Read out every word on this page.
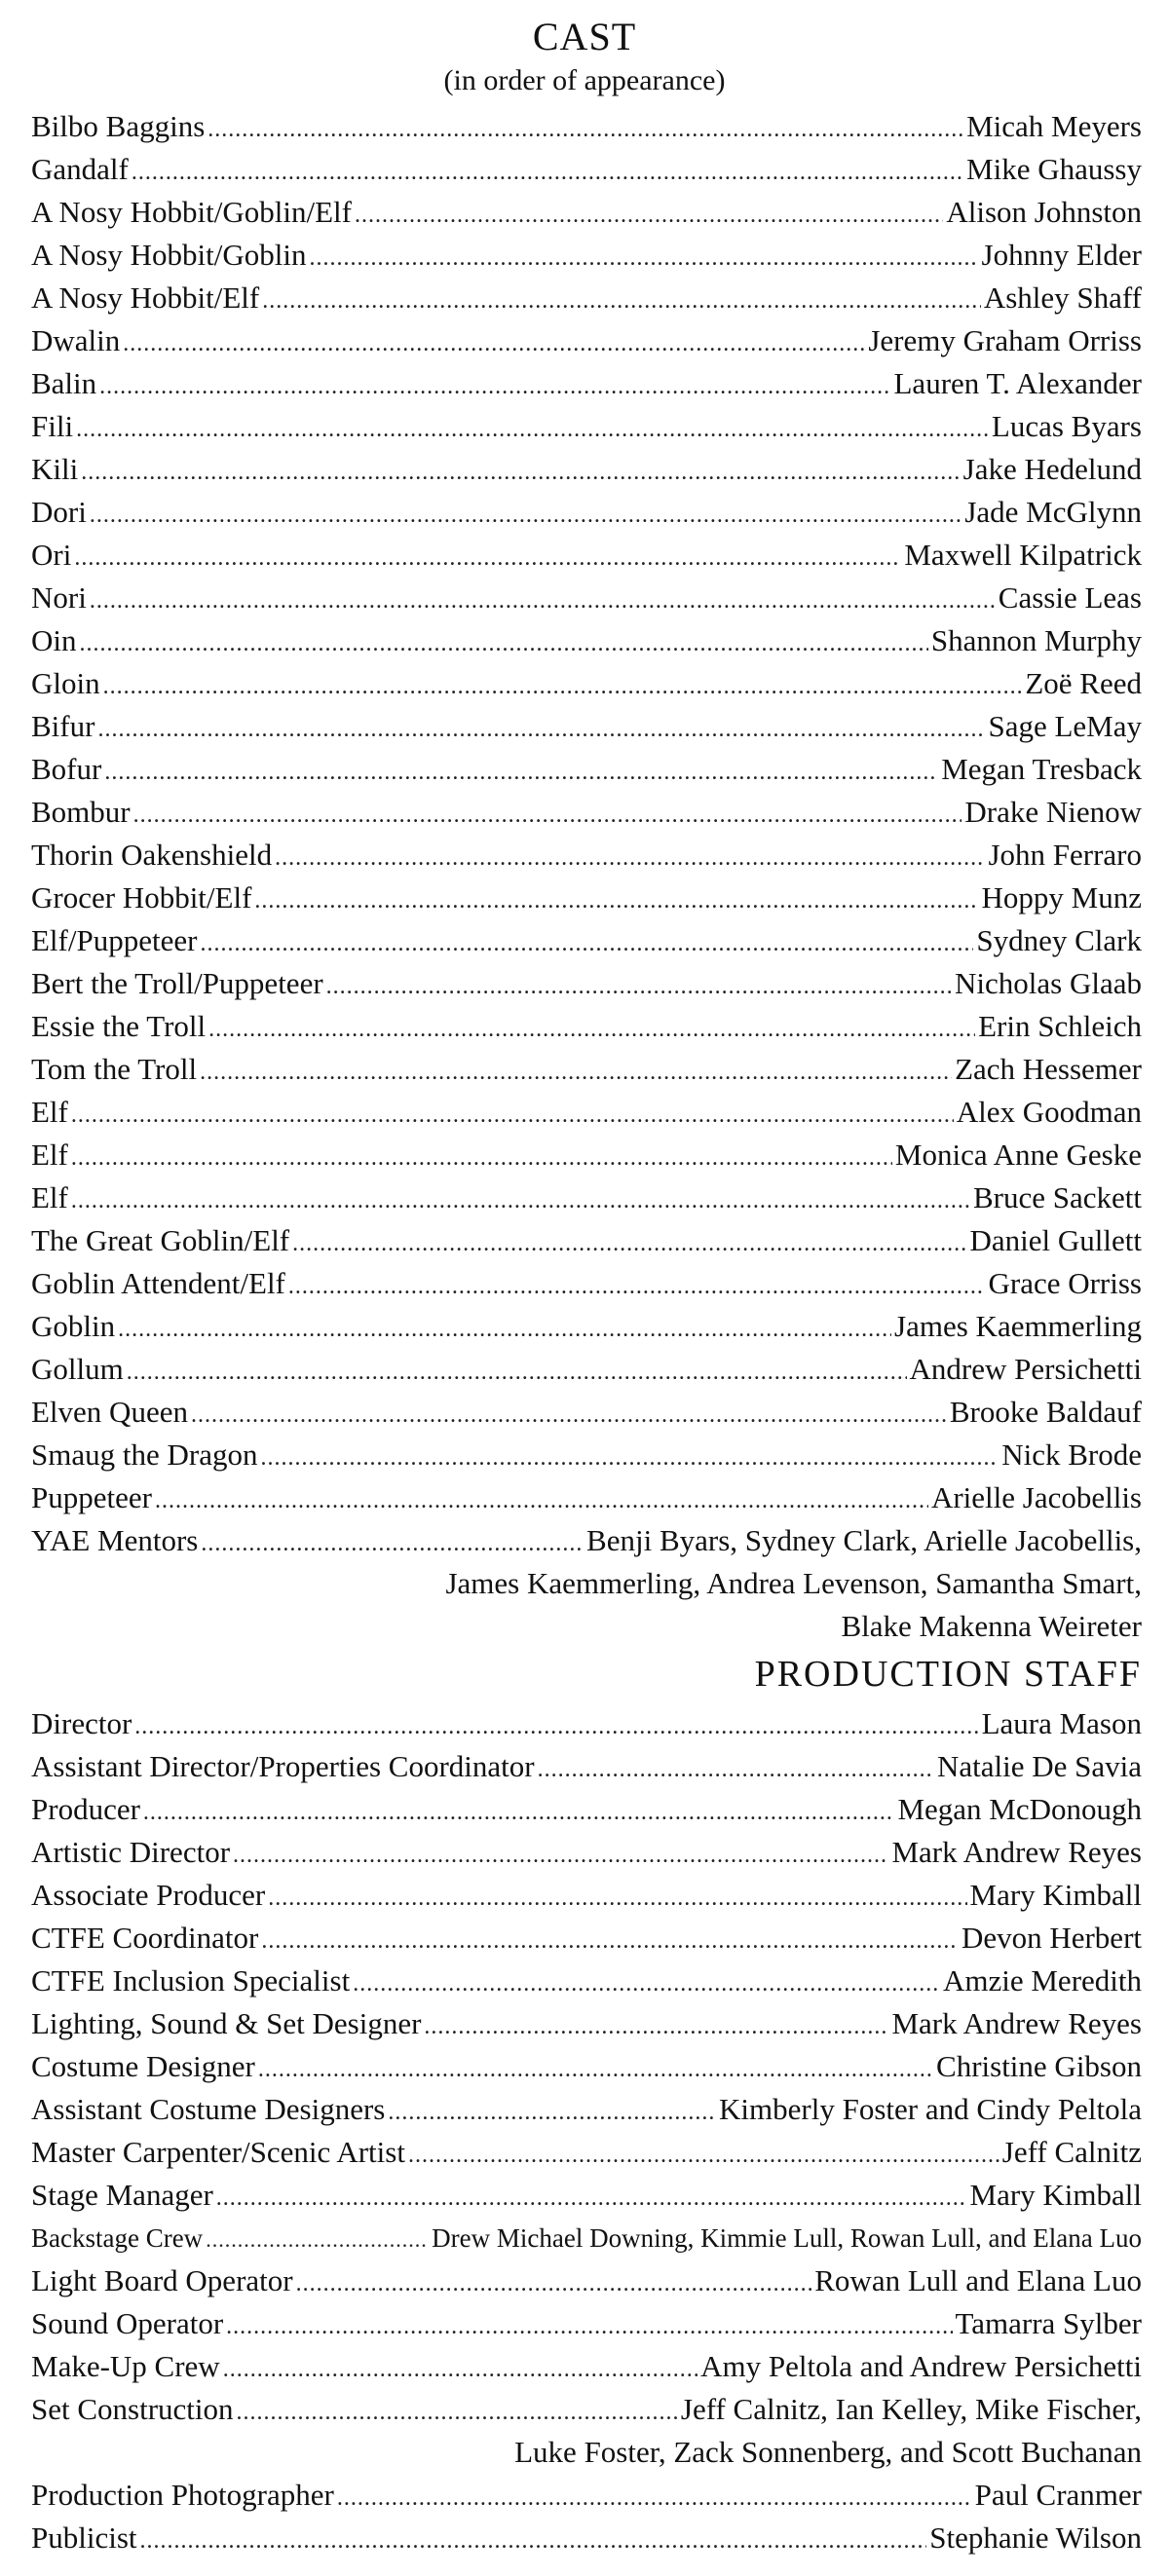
CAST
(in order of appearance)
Bilbo Baggins .....	Micah Meyers
Gandalf .....	Mike Ghaussy
A Nosy Hobbit/Goblin/Elf .....	Alison Johnston
A Nosy Hobbit/Goblin .....	Johnny Elder
A Nosy Hobbit/Elf .....	Ashley Shaff
Dwalin .....	Jeremy Graham Orriss
Balin .....	Lauren T. Alexander
Fili .....	Lucas Byars
Kili .....	Jake Hedelund
Dori .....	Jade McGlynn
Ori .....	Maxwell Kilpatrick
Nori .....	Cassie Leas
Oin .....	Shannon Murphy
Gloin .....	Zoë Reed
Bifur .....	Sage LeMay
Bofur .....	Megan Tresback
Bombur .....	Drake Nienow
Thorin Oakenshield .....	John Ferraro
Grocer Hobbit/Elf .....	Hoppy Munz
Elf/Puppeteer .....	Sydney Clark
Bert the Troll/Puppeteer .....	Nicholas Glaab
Essie the Troll .....	Erin Schleich
Tom the Troll .....	Zach Hessemer
Elf .....	Alex Goodman
Elf .....	Monica Anne Geske
Elf .....	Bruce Sackett
The Great Goblin/Elf .....	Daniel Gullett
Goblin Attendent/Elf .....	Grace Orriss
Goblin .....	James Kaemmerling
Gollum .....	Andrew Persichetti
Elven Queen .....	Brooke Baldauf
Smaug the Dragon .....	Nick Brode
Puppeteer .....	Arielle Jacobellis
YAE Mentors .....	Benji Byars, Sydney Clark, Arielle Jacobellis,
James Kaemmerling, Andrea Levenson, Samantha Smart,
Blake Makenna Weireter
PRODUCTION STAFF
Director .....	Laura Mason
Assistant Director/Properties Coordinator .....	Natalie De Savia
Producer .....	Megan McDonough
Artistic Director .....	Mark Andrew Reyes
Associate Producer .....	Mary Kimball
CTFE Coordinator .....	Devon Herbert
CTFE Inclusion Specialist .....	Amzie Meredith
Lighting, Sound & Set Designer .....	Mark Andrew Reyes
Costume Designer .....	Christine Gibson
Assistant Costume Designers .....	Kimberly Foster and Cindy Peltola
Master Carpenter/Scenic Artist .....	Jeff Calnitz
Stage Manager .....	Mary Kimball
Backstage Crew .....	Drew Michael Downing, Kimmie Lull, Rowan Lull, and Elana Luo
Light Board Operator .....	Rowan Lull and Elana Luo
Sound Operator .....	Tamarra Sylber
Make-Up Crew .....	Amy Peltola and Andrew Persichetti
Set Construction .....	Jeff Calnitz, Ian Kelley, Mike Fischer,
Luke Foster, Zack Sonnenberg, and Scott Buchanan
Production Photographer .....	Paul Cranmer
Publicist .....	Stephanie Wilson
